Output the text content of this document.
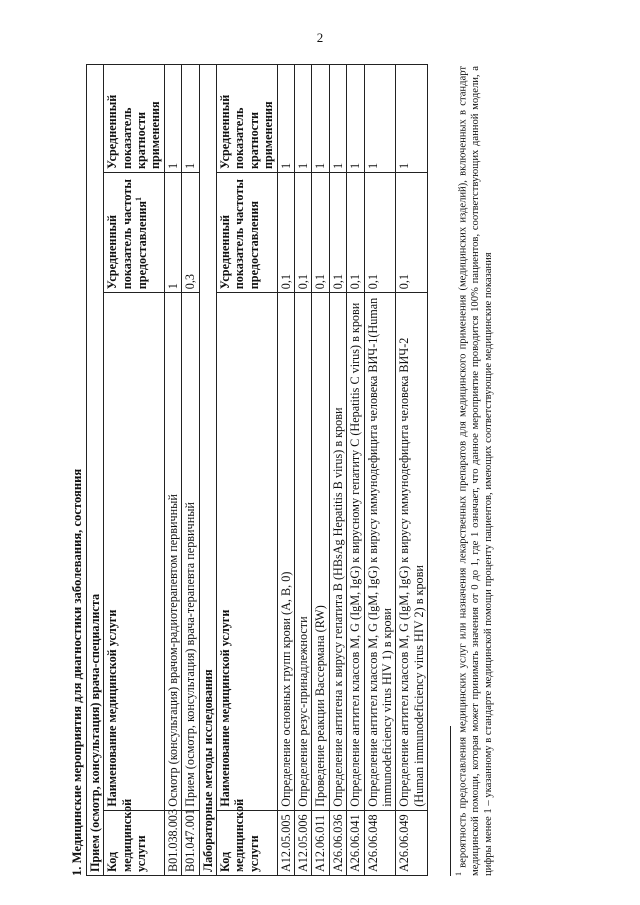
2
1. Медицинские мероприятия для диагностики заболевания, состояния Прием (осмотр, консультация) врача-специалиста			
Код медицинской услуги	Наименование медицинской услуги	Усредненный показатель частоты предоставления$^1$	Усредненный показатель кратности применения
B01.038.003	Осмотр (консультация) врачом-радиотерапевтом первичный	1	1
B01.047.001	Прием (осмотр, консультация) врача-терапевта первичный	0,3	1
Лабораторные методы исследования			
Код медицинской услуги	Наименование медицинской услуги	Усредненный показатель частоты предоставления	Усредненный показатель кратности применения
A12.05.005	Определение основных групп крови (A, B, 0)	0,1	1
A12.05.006	Определение резус-принадлежности	0,1	1
A12.06.011	Проведение реакции Вассермана (RW)	0,1	1
A26.06.036	Определение антигена к вирусу гепатита B (HBsAg Hepatitis B virus) в крови	0,1	1
A26.06.041	Определение антител классов M, G (IgM, IgG) к вирусному гепатиту C (Hepatitis C virus) в крови	0,1	1
A26.06.048	Определение антител классов M, G (IgM, IgG) к вирусу иммунодефицита человека ВИЧ-1(Human immunodeficiency virus HIV 1) в крови	0,1	1
A26.06.049	Определение антител классов M, G (IgM, IgG) к вирусу иммунодефицита человека ВИЧ-2 (Human immunodeficiency virus HIV 2) в крови	0,1	1
$^1$ вероятность предоставления медицинских услуг или назначения лекарственных препаратов для медицинского применения (медицинских изделий), включенных в стандарт медицинской помощи, которая может принимать значения от 0 до 1, где 1 означает, что данное мероприятие проводится 100% пациентов, соответствующих данной модели, а цифры менее 1 – указанному в стандарте медицинской помощи проценту пациентов, имеющих соответствующие медицинские показания
